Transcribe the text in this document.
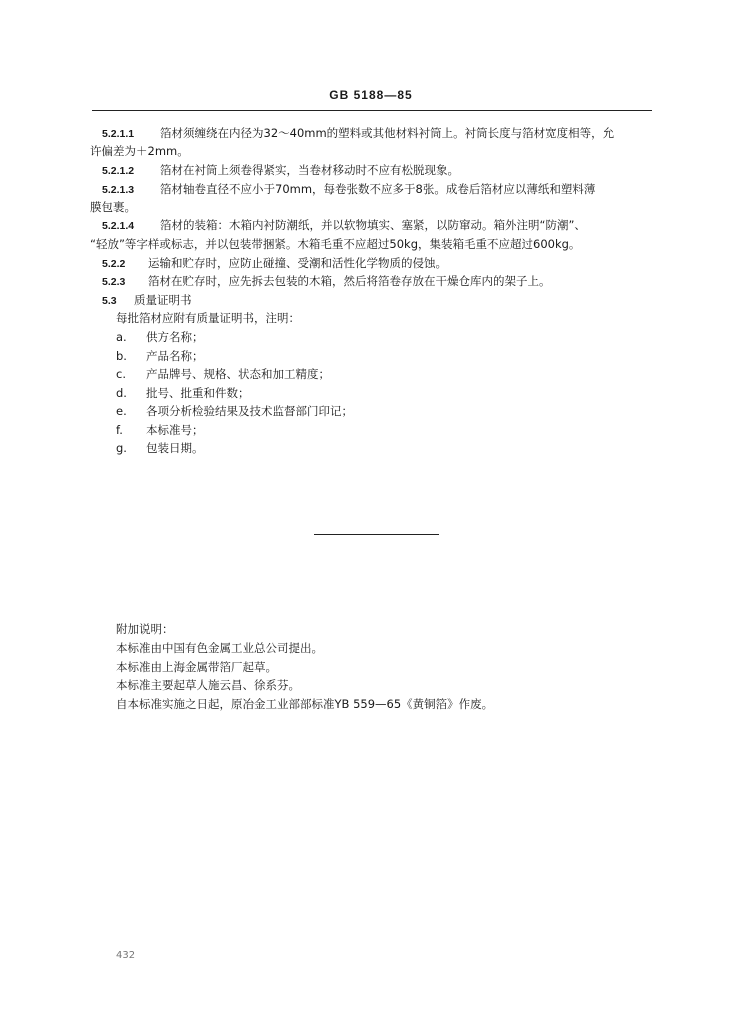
GB 5188—85
5.2.1.1 箔材须缠绕在内径为32～40mm的塑料或其他材料衬筒上。衬筒长度与箔材宽度相等，允
许偏差为＋2mm。
5.2.1.2 箔材在衬筒上须卷得紧实，当卷材移动时不应有松脱现象。
5.2.1.3 箔材轴卷直径不应小于70mm，每卷张数不应多于8张。成卷后箔材应以薄纸和塑料薄
膜包裹。
5.2.1.4 箔材的装箱：木箱内衬防潮纸，并以软物填实、塞紧，以防窜动。箱外注明“防潮”、
“轻放”等字样或标志，并以包装带捆紧。木箱毛重不应超过50kg，集装箱毛重不应超过600kg。
5.2.2 运输和贮存时，应防止碰撞、受潮和活性化学物质的侵蚀。
5.2.3 箔材在贮存时，应先拆去包装的木箱，然后将箔卷存放在干燥仓库内的架子上。
5.3 质量证明书
每批箔材应附有质量证明书，注明：
a. 供方名称；
b. 产品名称；
c. 产品牌号、规格、状态和加工精度；
d. 批号、批重和件数；
e. 各项分析检验结果及技术监督部门印记；
f. 本标准号；
g. 包装日期。
附加说明：
本标准由中国有色金属工业总公司提出。
本标准由上海金属带箔厂起草。
本标准主要起草人施云昌、徐系芬。
自本标准实施之日起，原冶金工业部部标准YB 559—65《黄铜箔》作废。
432
